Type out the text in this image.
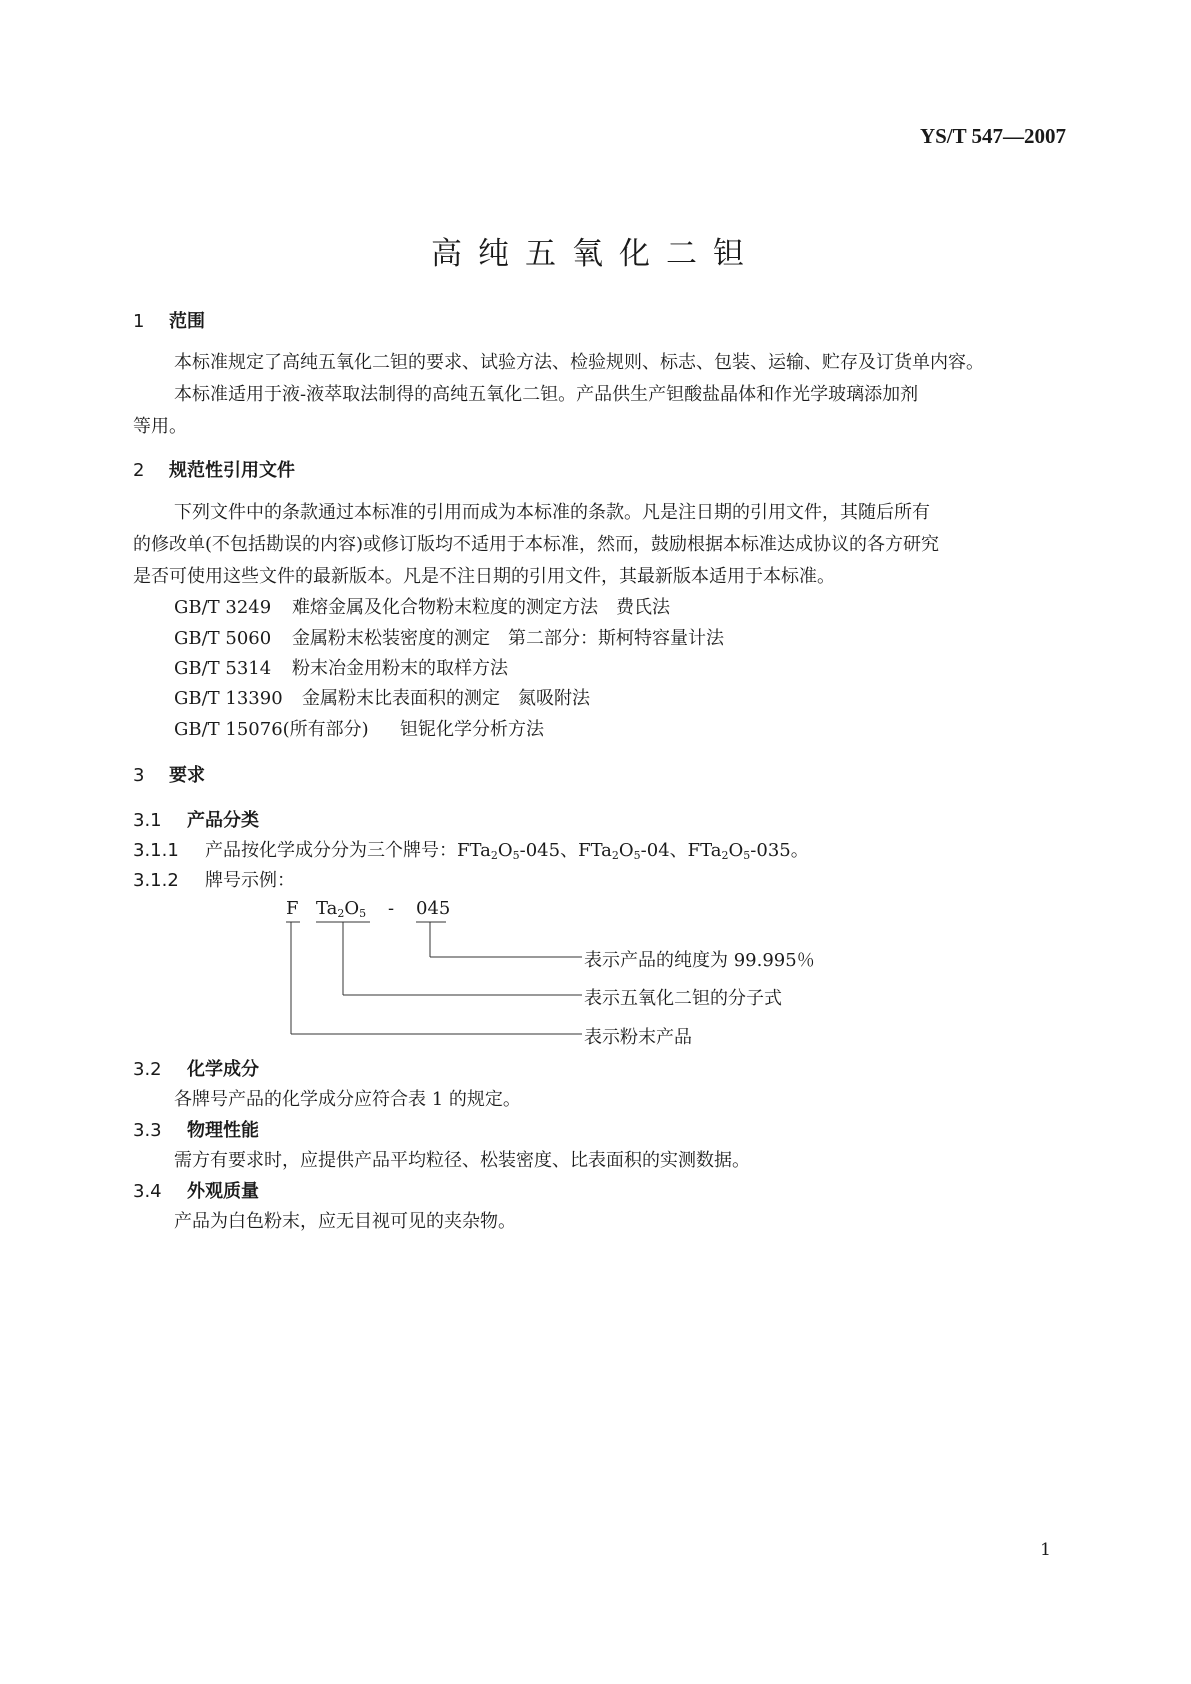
YS/T 547—2007
高纯五氧化二钽
1 范围
本标准规定了高纯五氧化二钽的要求、试验方法、检验规则、标志、包装、运输、贮存及订货单内容。
本标准适用于液-液萃取法制得的高纯五氧化二钽。产品供生产钽酸盐晶体和作光学玻璃添加剂
等用。
2 规范性引用文件
下列文件中的条款通过本标准的引用而成为本标准的条款。凡是注日期的引用文件，其随后所有
的修改单(不包括勘误的内容)或修订版均不适用于本标准，然而，鼓励根据本标准达成协议的各方研究
是否可使用这些文件的最新版本。凡是不注日期的引用文件，其最新版本适用于本标准。
GB/T 3249 难熔金属及化合物粉末粒度的测定方法　费氏法
GB/T 5060 金属粉末松装密度的测定　第二部分：斯柯特容量计法
GB/T 5314 粉末冶金用粉末的取样方法
GB/T 13390 金属粉末比表面积的测定　氮吸附法
GB/T 15076(所有部分) 钽铌化学分析方法
3 要求
3.1 产品分类
3.1.1 产品按化学成分分为三个牌号：$FTa_2O_5-045$、$FTa_2O_5-04$、$FTa_2O_5-035$。
3.1.2 牌号示例：
F $Ta_2O_5 - 045$
表示产品的纯度为 99.995％
表示五氧化二钽的分子式
表示粉末产品
3.2 化学成分
各牌号产品的化学成分应符合表 1 的规定。
3.3 物理性能
需方有要求时，应提供产品平均粒径、松装密度、比表面积的实测数据。
3.4 外观质量
产品为白色粉末，应无目视可见的夹杂物。
1
